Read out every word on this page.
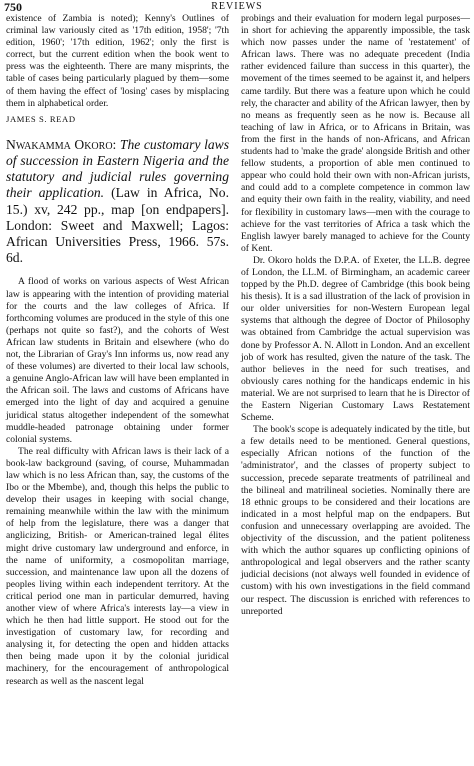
750	REVIEWS

existence of Zambia is noted); Kenny's Outlines of criminal law variously cited as '17th edition, 1958'; '7th edition, 1960'; '17th edition, 1962'; only the first is correct, but the current edition when the book went to press was the eighteenth. There are many misprints, the table of cases being particularly plagued by them—some of them having the effect of 'losing' cases by misplacing them in alphabetical order.

JAMES S. READ

Nwakamma Okoro: The customary laws of succession in Eastern Nigeria and the statutory and judicial rules governing their application. (Law in Africa, No. 15.) xv, 242 pp., map [on endpapers]. London: Sweet and Maxwell; Lagos: African Universities Press, 1966. 57s. 6d.

A flood of works on various aspects of West African law is appearing with the intention of providing material for the courts and the law colleges of Africa. If forthcoming volumes are produced in the style of this one (perhaps not quite so fast?), and the cohorts of West African law students in Britain and elsewhere (who do not, the Librarian of Gray's Inn informs us, now read any of these volumes) are diverted to their local law schools, a genuine Anglo-African law will have been emplanted in the African soil. The laws and customs of Africans have emerged into the light of day and acquired a genuine juridical status altogether independent of the somewhat muddle-headed patronage obtaining under former colonial systems.

The real difficulty with African laws is their lack of a book-law background (saving, of course, Muhammadan law which is no less African than, say, the customs of the Ibo or the Mbembe), and, though this helps the public to develop their usages in keeping with social change, remaining meanwhile within the law with the minimum of help from the legislature, there was a danger that anglicizing, British- or American-trained legal élites might drive customary law underground and enforce, in the name of uniformity, a cosmopolitan marriage, succession, and maintenance law upon all the dozens of peoples living within each independent territory. At the critical period one man in particular demurred, having another view of where Africa's interests lay—a view in which he then had little support. He stood out for the investigation of customary law, for recording and analysing it, for detecting the open and hidden attacks then being made upon it by the colonial juridical machinery, for the encouragement of anthropological research as well as the nascent legal

probings and their evaluation for modern legal purposes—in short for achieving the apparently impossible, the task which now passes under the name of 'restatement' of African laws. There was no adequate precedent (India rather evidenced failure than success in this quarter), the movement of the times seemed to be against it, and helpers came tardily. But there was a feature upon which he could rely, the character and ability of the African lawyer, then by no means as frequently seen as he now is. Because all teaching of law in Africa, or to Africans in Britain, was from the first in the hands of non-Africans, and African students had to 'make the grade' alongside British and other fellow students, a proportion of able men continued to appear who could hold their own with non-African jurists, and could add to a complete competence in common law and equity their own faith in the reality, viability, and need for flexibility in customary laws—men with the courage to achieve for the vast territories of Africa a task which the English lawyer barely managed to achieve for the County of Kent.

Dr. Okoro holds the D.P.A. of Exeter, the LL.B. degree of London, the LL.M. of Birmingham, an academic career topped by the Ph.D. degree of Cambridge (this book being his thesis). It is a sad illustration of the lack of provision in our older universities for non-Western European legal systems that although the degree of Doctor of Philosophy was obtained from Cambridge the actual supervision was done by Professor A. N. Allott in London. And an excellent job of work has resulted, given the nature of the task. The author believes in the need for such treatises, and obviously cares nothing for the handicaps endemic in his material. We are not surprised to learn that he is Director of the Eastern Nigerian Customary Laws Restatement Scheme.

The book's scope is adequately indicated by the title, but a few details need to be mentioned. General questions, especially African notions of the function of the 'administrator', and the classes of property subject to succession, precede separate treatments of patrilineal and the bilineal and matrilineal societies. Nominally there are 18 ethnic groups to be considered and their locations are indicated in a most helpful map on the endpapers. But confusion and unnecessary overlapping are avoided. The objectivity of the discussion, and the patient politeness with which the author squares up conflicting opinions of anthropological and legal observers and the rather scanty judicial decisions (not always well founded in evidence of custom) with his own investigations in the field command our respect. The discussion is enriched with references to unreported
